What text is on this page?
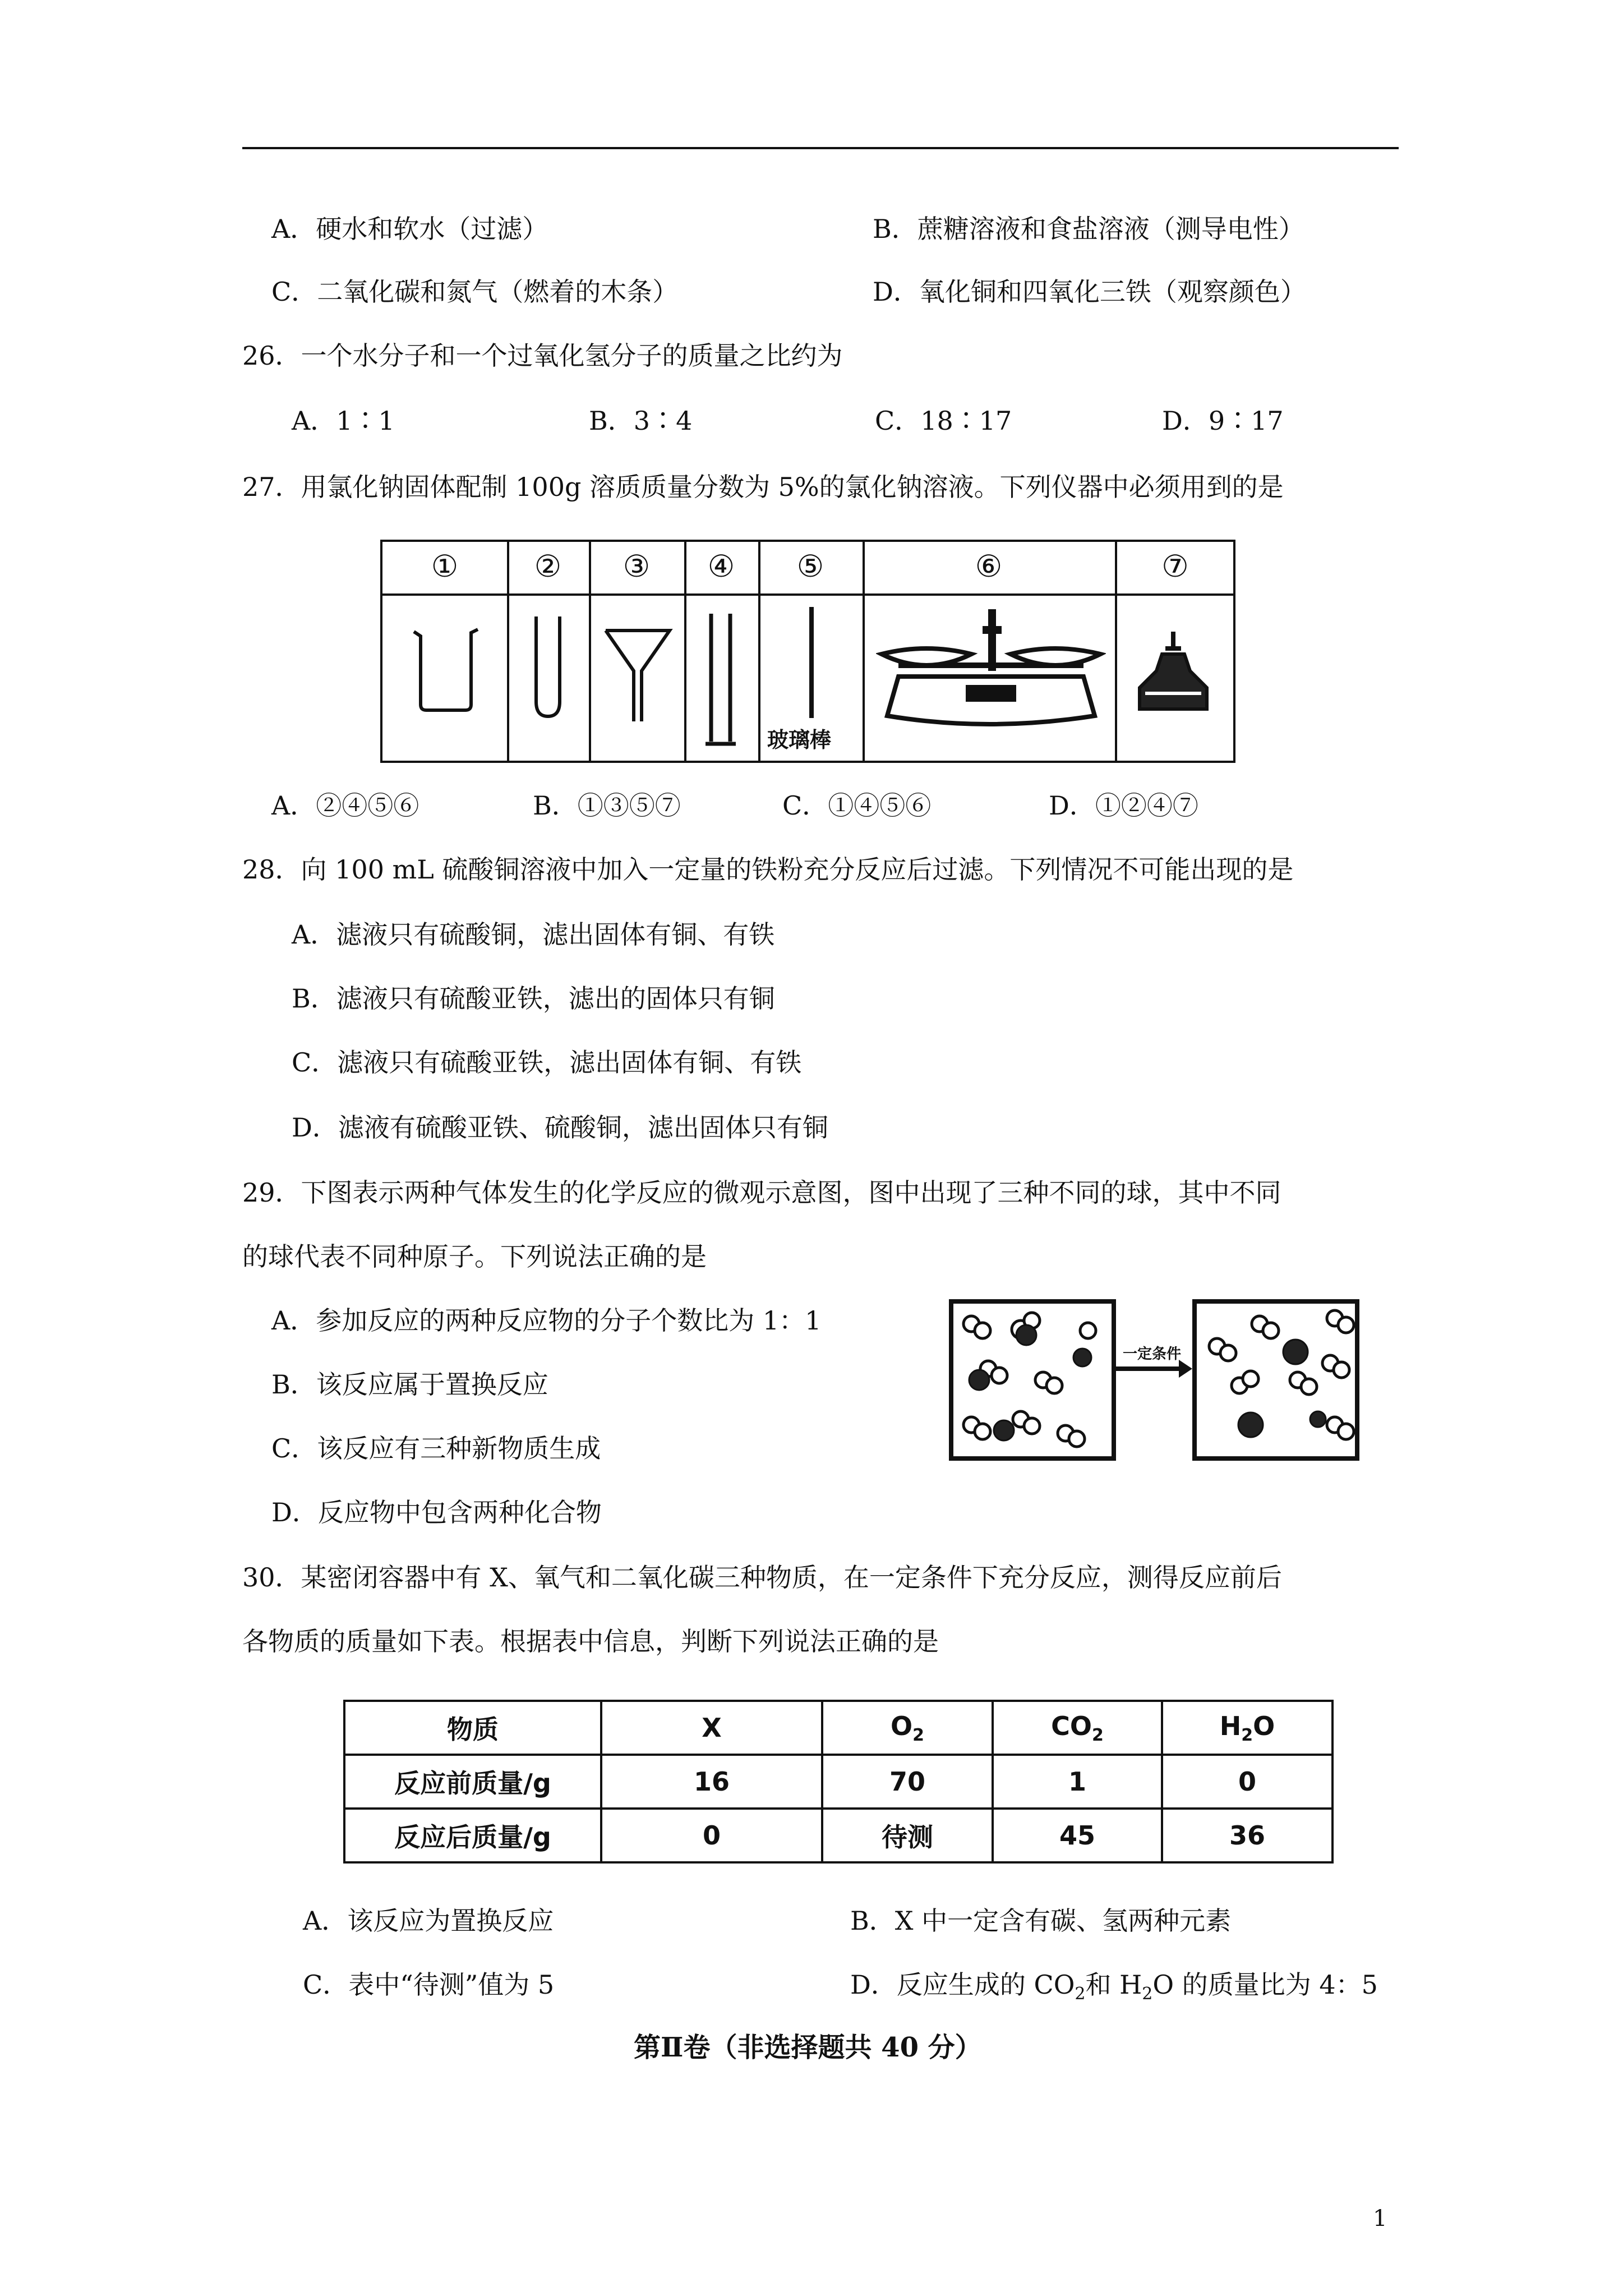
A．硬水和软水（过滤）	B．蔗糖溶液和食盐溶液（测导电性）
C．二氧化碳和氮气（燃着的木条）	D．氧化铜和四氧化三铁（观察颜色）
26．一个水分子和一个过氧化氢分子的质量之比约为
A．1∶1	B．3∶4	C．18∶17	D．9∶17
27．用氯化钠固体配制 100g 溶质质量分数为 5%的氯化钠溶液。下列仪器中必须用到的是
①	②	③	④	⑤	⑥	⑦
玻璃棒
A．②④⑤⑥	B．①③⑤⑦	C．①④⑤⑥	D．①②④⑦
28．向 100 mL 硫酸铜溶液中加入一定量的铁粉充分反应后过滤。下列情况不可能出现的是
A．滤液只有硫酸铜，滤出固体有铜、有铁
B．滤液只有硫酸亚铁，滤出的固体只有铜
C．滤液只有硫酸亚铁，滤出固体有铜、有铁
D．滤液有硫酸亚铁、硫酸铜，滤出固体只有铜
29．下图表示两种气体发生的化学反应的微观示意图，图中出现了三种不同的球，其中不同
的球代表不同种原子。下列说法正确的是
A．参加反应的两种反应物的分子个数比为 1：1
B．该反应属于置换反应
C．该反应有三种新物质生成
D．反应物中包含两种化合物
一定条件
30．某密闭容器中有 X、氧气和二氧化碳三种物质，在一定条件下充分反应，测得反应前后
各物质的质量如下表。根据表中信息，判断下列说法正确的是
物质	X	$O_2$	$CO_2$	$H_2O$
反应前质量/g	16	70	1	0
反应后质量/g	0	待测	45	36
A．该反应为置换反应	B．X 中一定含有碳、氢两种元素
C．表中“待测”值为 5	D．反应生成的 $CO_2$和 $H_2O$ 的质量比为 4：5
第Ⅱ卷（非选择题共 40 分）
1
